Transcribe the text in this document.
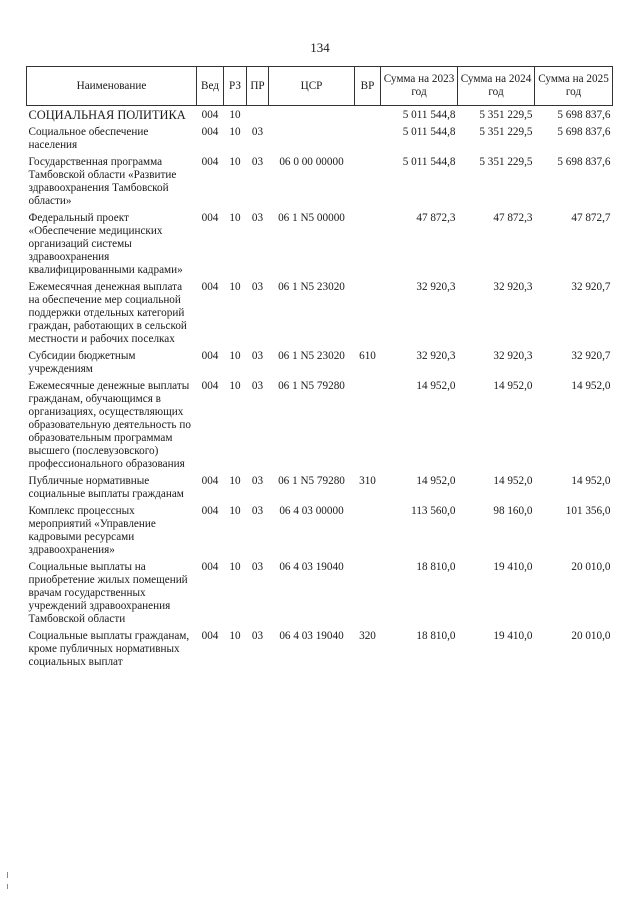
134
Наименование	Вед	РЗ	ПР	ЦСР	ВР	Сумма на 2023 год	Сумма на 2024 год	Сумма на 2025 год
СОЦИАЛЬНАЯ ПОЛИТИКА	004	10				5 011 544,8	5 351 229,5	5 698 837,6
Социальное обеспечение населения	004	10	03			5 011 544,8	5 351 229,5	5 698 837,6
Государственная программа Тамбовской области «Развитие здравоохранения Тамбовской области»	004	10	03	06 0 00 00000		5 011 544,8	5 351 229,5	5 698 837,6
Федеральный проект «Обеспечение медицинских организаций системы здравоохранения квалифицированными кадрами»	004	10	03	06 1 N5 00000		47 872,3	47 872,3	47 872,7
Ежемесячная денежная выплата на обеспечение мер социальной поддержки отдельных категорий граждан, работающих в сельской местности и рабочих поселках	004	10	03	06 1 N5 23020		32 920,3	32 920,3	32 920,7
Субсидии бюджетным учреждениям	004	10	03	06 1 N5 23020	610	32 920,3	32 920,3	32 920,7
Ежемесячные денежные выплаты гражданам, обучающимся в организациях, осуществляющих образовательную деятельность по образовательным программам высшего (послевузовского) профессионального образования	004	10	03	06 1 N5 79280		14 952,0	14 952,0	14 952,0
Публичные нормативные социальные выплаты гражданам	004	10	03	06 1 N5 79280	310	14 952,0	14 952,0	14 952,0
Комплекс процессных мероприятий «Управление кадровыми ресурсами здравоохранения»	004	10	03	06 4 03 00000		113 560,0	98 160,0	101 356,0
Социальные выплаты на приобретение жилых помещений врачам государственных учреждений здравоохранения Тамбовской области	004	10	03	06 4 03 19040		18 810,0	19 410,0	20 010,0
Социальные выплаты гражданам, кроме публичных нормативных социальных выплат	004	10	03	06 4 03 19040	320	18 810,0	19 410,0	20 010,0
